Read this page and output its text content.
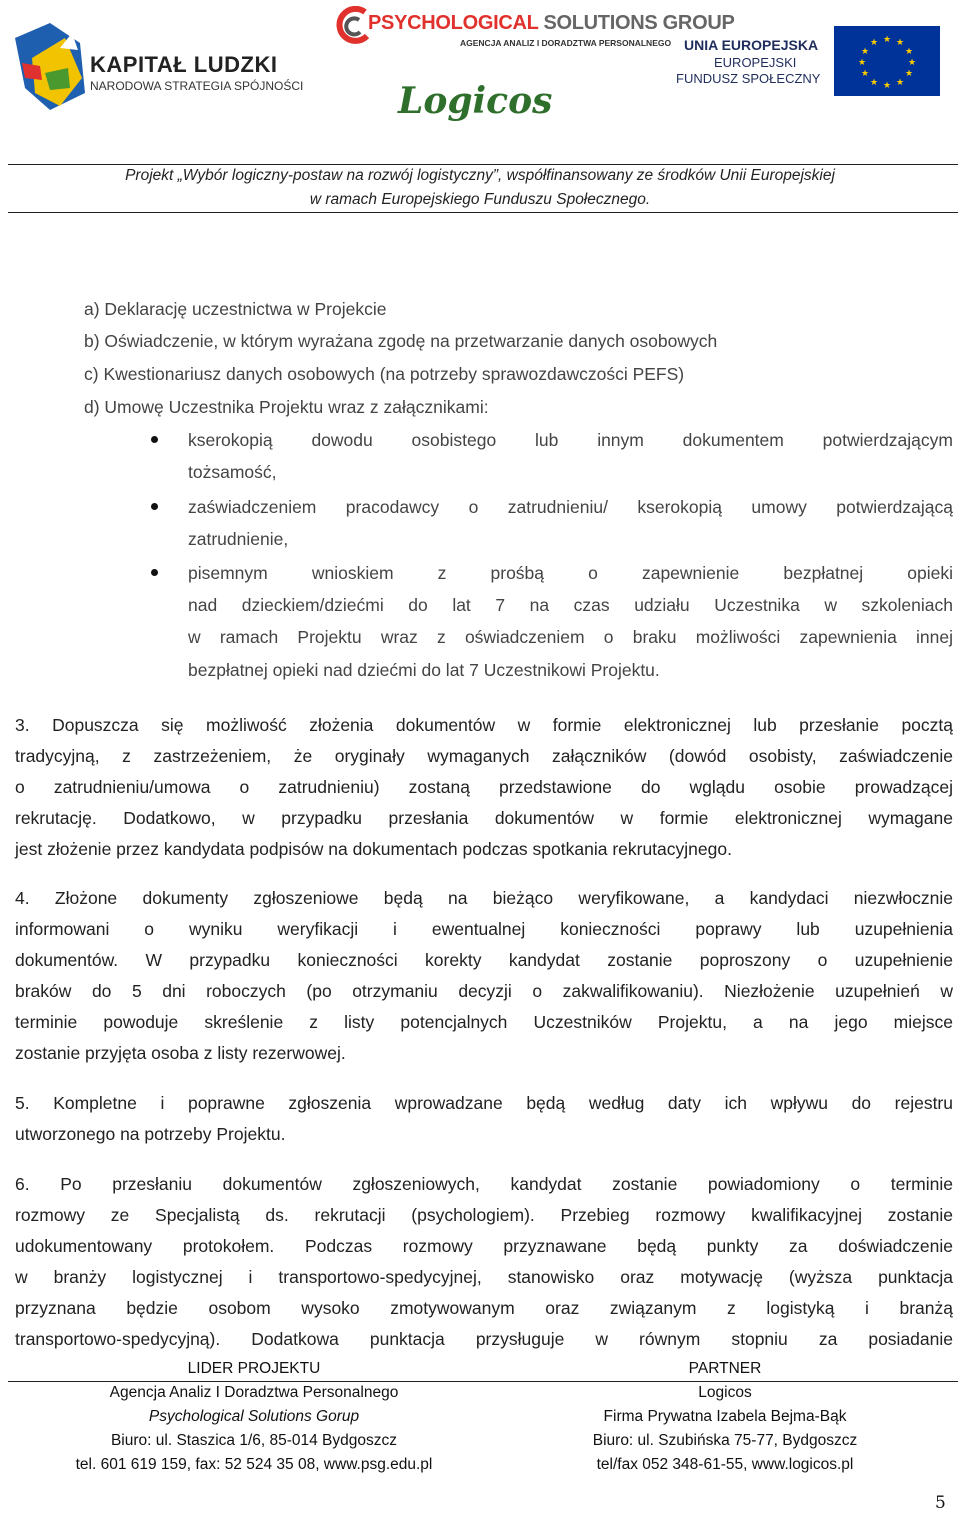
KAPITAŁ LUDZKI
NARODOWA STRATEGIA SPÓJNOŚCI
PSYCHOLOGICAL SOLUTIONS GROUP
AGENCJA ANALIZ I DORADZTWA PERSONALNEGO
Logicos
UNIA EUROPEJSKA
EUROPEJSKI
FUNDUSZ SPOŁECZNY
★ ★
★
★
★
★
★
★
★
★
★
★
Projekt „Wybór logiczny-postaw na rozwój logistyczny”, współfinansowany ze środków Unii Europejskiej
w ramach Europejskiego Funduszu Społecznego.
a) Deklarację uczestnictwa w Projekcie
b) Oświadczenie, w którym wyrażana zgodę na przetwarzanie danych osobowych
c) Kwestionariusz danych osobowych (na potrzeby sprawozdawczości PEFS)
d) Umowę Uczestnika Projektu wraz z załącznikami:
kserokopią dowodu osobistego lub innym dokumentem potwierdzającym
tożsamość,
zaświadczeniem pracodawcy o zatrudnieniu/ kserokopią umowy potwierdzającą
zatrudnienie,
pisemnym wnioskiem z prośbą o zapewnienie bezpłatnej opieki
nad dzieckiem/dziećmi do lat 7 na czas udziału Uczestnika w szkoleniach
w ramach Projektu wraz z oświadczeniem o braku możliwości zapewnienia innej
bezpłatnej opieki nad dziećmi do lat 7 Uczestnikowi Projektu.
3. Dopuszcza się możliwość złożenia dokumentów w formie elektronicznej lub przesłanie pocztą
tradycyjną, z zastrzeżeniem, że oryginały wymaganych załączników (dowód osobisty, zaświadczenie
o zatrudnieniu/umowa o zatrudnieniu) zostaną przedstawione do wglądu osobie prowadzącej
rekrutację. Dodatkowo, w przypadku przesłania dokumentów w formie elektronicznej wymagane
jest złożenie przez kandydata podpisów na dokumentach podczas spotkania rekrutacyjnego.
4. Złożone dokumenty zgłoszeniowe będą na bieżąco weryfikowane, a kandydaci niezwłocznie
informowani o wyniku weryfikacji i ewentualnej konieczności poprawy lub uzupełnienia
dokumentów. W przypadku konieczności korekty kandydat zostanie poproszony o uzupełnienie
braków do 5 dni roboczych (po otrzymaniu decyzji o zakwalifikowaniu). Niezłożenie uzupełnień w
terminie powoduje skreślenie z listy potencjalnych Uczestników Projektu, a na jego miejsce
zostanie przyjęta osoba z listy rezerwowej.
5. Kompletne i poprawne zgłoszenia wprowadzane będą według daty ich wpływu do rejestru
utworzonego na potrzeby Projektu.
6. Po przesłaniu dokumentów zgłoszeniowych, kandydat zostanie powiadomiony o terminie
rozmowy ze Specjalistą ds. rekrutacji (psychologiem). Przebieg rozmowy kwalifikacyjnej zostanie
udokumentowany protokołem. Podczas rozmowy przyznawane będą punkty za doświadczenie
w branży logistycznej i transportowo-spedycyjnej, stanowisko oraz motywację (wyższa punktacja
przyznana będzie osobom wysoko zmotywowanym oraz związanym z logistyką i branżą
transportowo-spedycyjną). Dodatkowa punktacja przysługuje w równym stopniu za posiadanie
LIDER PROJEKTU	PARTNER
Agencja Analiz I Doradztwa Personalnego
Psychological Solutions Gorup
Biuro: ul. Staszica 1/6, 85-014 Bydgoszcz
tel. 601 619 159, fax: 52 524 35 08, www.psg.edu.pl
Logicos
Firma Prywatna Izabela Bejma-Bąk
Biuro: ul. Szubińska 75-77, Bydgoszcz
tel/fax 052 348-61-55, www.logicos.pl
5
